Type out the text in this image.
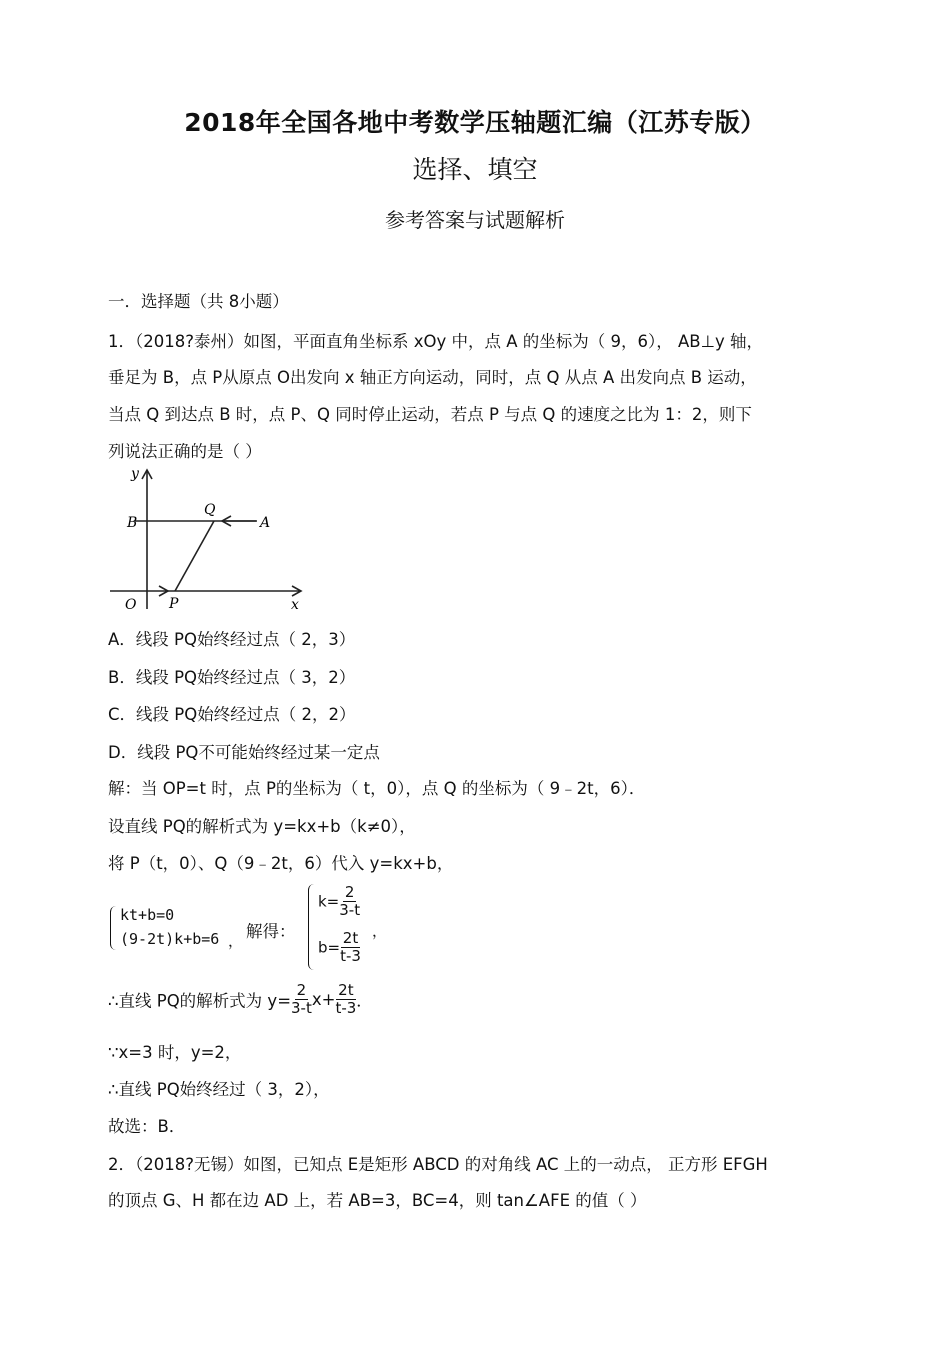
2018年全国各地中考数学压轴题汇编（江苏专版）
选择、填空
参考答案与试题解析
一．选择题（共 8小题）
1．（2018?泰州）如图，平面直角坐标系 xOy 中，点 A 的坐标为（ 9，6）， AB⊥y 轴，
垂足为 B，点 P从原点 O出发向 x 轴正方向运动，同时，点 Q 从点 A 出发向点 B 运动，
当点 Q 到达点 B 时，点 P、Q 同时停止运动，若点 P 与点 Q 的速度之比为 1：2，则下
列说法正确的是（ ）
y
x
O
B
Q
A
P
A．线段 PQ始终经过点（ 2，3）
B．线段 PQ始终经过点（ 3，2）
C．线段 PQ始终经过点（ 2，2）
D．线段 PQ不可能始终经过某一定点
解：当 OP=t 时，点 P的坐标为（ t，0），点 Q 的坐标为（ 9﹣2t，6）．
设直线 PQ的解析式为 y=kx+b（k≠0），
将 P（t，0）、Q（9﹣2t，6）代入 y=kx+b，
kt+b=0
(9-2t)k+b=6 ， 解得：
$k= \frac{2}{3-t}$
$b= \frac{2t}{t-3}$ ，
∴直线 PQ的解析式为 $y= \frac{2}{3-t} x+ \frac{2t}{t-3}$ ．
∵x=3 时，y=2，
∴直线 PQ始终经过（ 3，2），
故选：B．
2．（2018?无锡）如图，已知点 E是矩形 ABCD 的对角线 AC 上的一动点， 正方形 EFGH
的顶点 G、H 都在边 AD 上，若 AB=3，BC=4，则 tan∠AFE 的值（ ）
